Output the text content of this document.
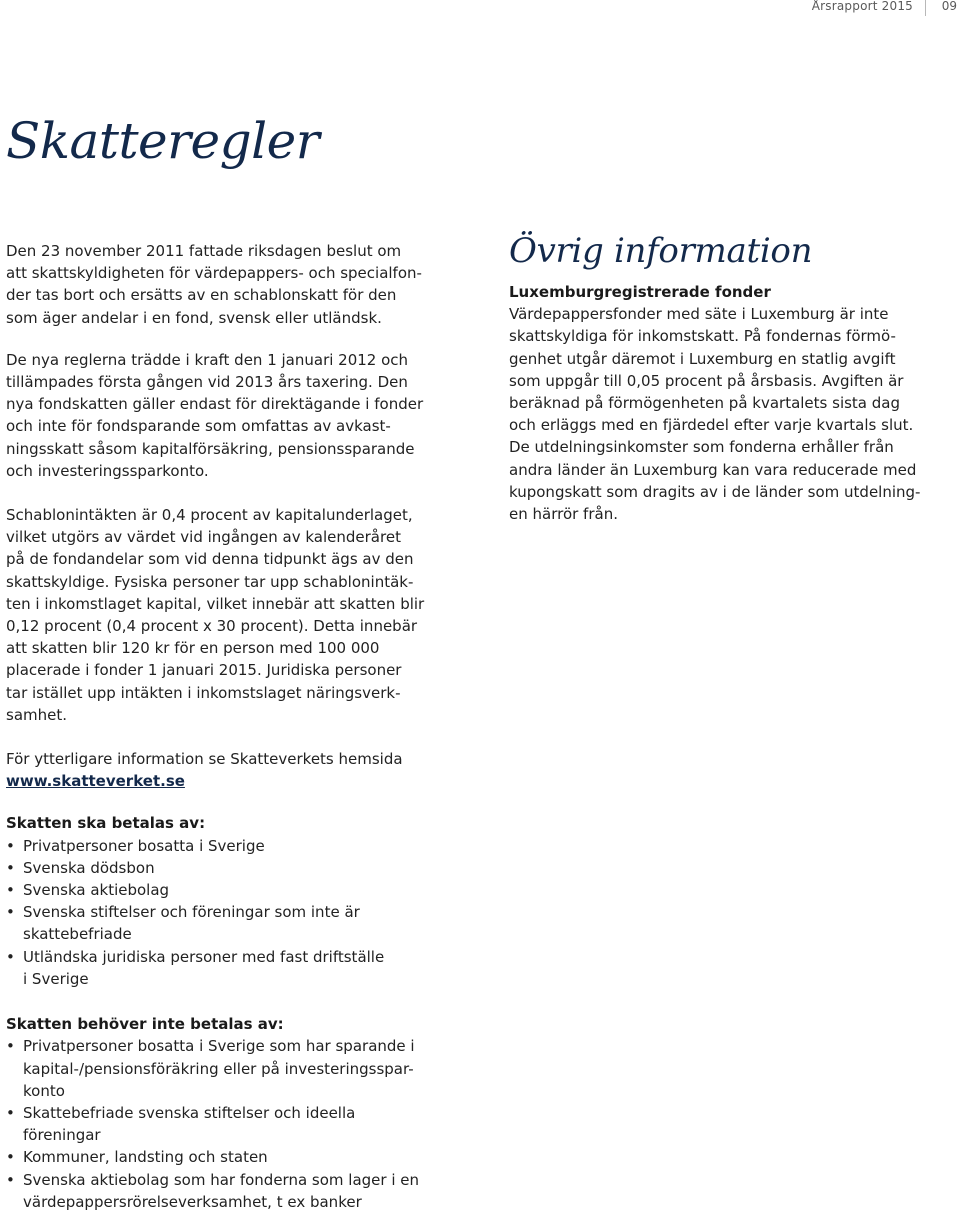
Årsrapport 2015 09
Skatteregler

Den 23 november 2011 fattade riksdagen beslut om
att skattskyldigheten för värdepappers- och specialfon-
der tas bort och ersätts av en schablonskatt för den
som äger andelar i en fond, svensk eller utländsk.

De nya reglerna trädde i kraft den 1 januari 2012 och
tillämpades första gången vid 2013 års taxering. Den
nya fondskatten gäller endast för direktägande i fonder
och inte för fondsparande som omfattas av avkast-
ningsskatt såsom kapitalförsäkring, pensionssparande
och investeringssparkonto.

Schablonintäkten är 0,4 procent av kapitalunderlaget,
vilket utgörs av värdet vid ingången av kalenderåret
på de fondandelar som vid denna tidpunkt ägs av den
skattskyldige. Fysiska personer tar upp schablonintäk-
ten i inkomstlaget kapital, vilket innebär att skatten blir
0,12 procent (0,4 procent x 30 procent). Detta innebär
att skatten blir 120 kr för en person med 100 000
placerade i fonder 1 januari 2015. Juridiska personer
tar istället upp intäkten i inkomstslaget näringsverk-
samhet.

För ytterligare information se Skatteverkets hemsida
www.skatteverket.se

Skatten ska betalas av:

• Privatpersoner bosatta i Sverige
• Svenska dödsbon
• Svenska aktiebolag
• Svenska stiftelser och föreningar som inte är
skattebefriade
• Utländska juridiska personer med fast driftställe
i Sverige

Skatten behöver inte betalas av:

• Privatpersoner bosatta i Sverige som har sparande i
kapital-/pensionsföräkring eller på investeringsspar-
konto
• Skattebefriade svenska stiftelser och ideella
föreningar
• Kommuner, landsting och staten
• Svenska aktiebolag som har fonderna som lager i en
värdepappersrörelseverksamhet, t ex banker
Övrig information

Luxemburgregistrerade fonder

Värdepappersfonder med säte i Luxemburg är inte
skattskyldiga för inkomstskatt. På fondernas förmö-
genhet utgår däremot i Luxemburg en statlig avgift
som uppgår till 0,05 procent på årsbasis. Avgiften är
beräknad på förmögenheten på kvartalets sista dag
och erläggs med en fjärdedel efter varje kvartals slut.
De utdelningsinkomster som fonderna erhåller från
andra länder än Luxemburg kan vara reducerade med
kupongskatt som dragits av i de länder som utdelning-
en härrör från.
